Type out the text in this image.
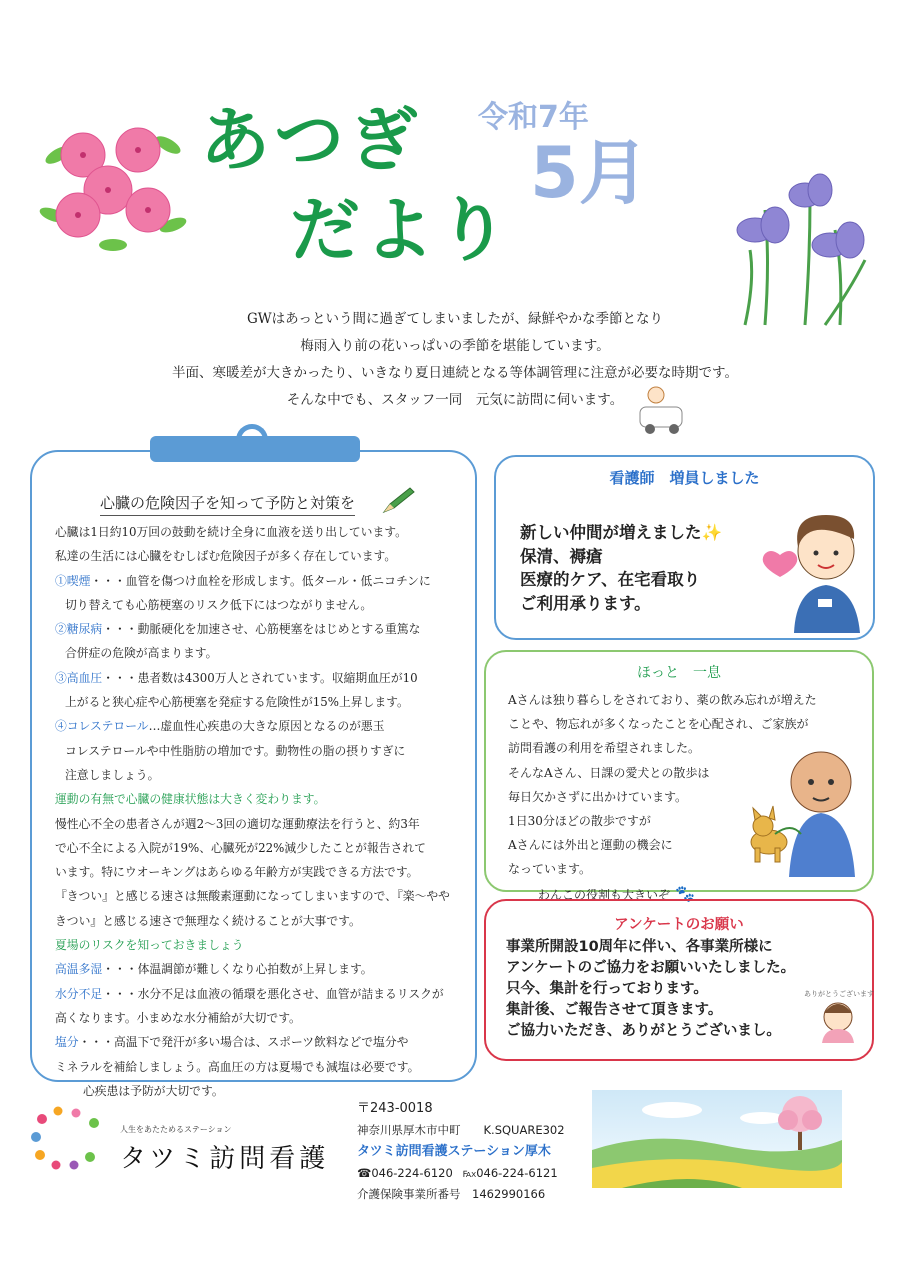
あつぎ
だより
令和7年
5月
GWはあっという間に過ぎてしまいましたが、緑鮮やかな季節となり
梅雨入り前の花いっぱいの季節を堪能しています。
半面、寒暖差が大きかったり、いきなり夏日連続となる等体調管理に注意が必要な時期です。
そんな中でも、スタッフ一同　元気に訪問に伺います。
心臓の危険因子を知って予防と対策を
心臓は1日約10万回の鼓動を続け全身に血液を送り出しています。
私達の生活には心臓をむしばむ危険因子が多く存在しています。
①喫煙・・・血管を傷つけ血栓を形成します。低タール・低ニコチンに
切り替えても心筋梗塞のリスク低下にはつながりません。
②糖尿病・・・動脈硬化を加速させ、心筋梗塞をはじめとする重篤な
合併症の危険が高まります。
③高血圧・・・患者数は4300万人とされています。収縮期血圧が10
上がると狭心症や心筋梗塞を発症する危険性が15%上昇します。
④コレステロール…虚血性心疾患の大きな原因となるのが悪玉
コレステロールや中性脂肪の増加です。動物性の脂の摂りすぎに
注意しましょう。
運動の有無で心臓の健康状態は大きく変わります。
慢性心不全の患者さんが週2～3回の適切な運動療法を行うと、約3年
で心不全による入院が19%、心臓死が22%減少したことが報告されて
います。特にウオーキングはあらゆる年齢方が実践できる方法です。
『きつい』と感じる速さは無酸素運動になってしまいますので、『楽～やや
きつい』と感じる速さで無理なく続けることが大事です。
夏場のリスクを知っておきましょう
高温多湿・・・体温調節が難しくなり心拍数が上昇します。
水分不足・・・水分不足は血液の循環を悪化させ、血管が詰まるリスクが
高くなります。小まめな水分補給が大切です。
塩分・・・高温下で発汗が多い場合は、スポーツ飲料などで塩分や
ミネラルを補給しましょう。高血圧の方は夏場でも減塩は必要です。
心疾患は予防が大切です。
看護師　増員しました
新しい仲間が増えました✨
保清、褥瘡
医療的ケア、在宅看取り
ご利用承ります。
ほっと　一息
Aさんは独り暮らしをされており、薬の飲み忘れが増えた
ことや、物忘れが多くなったことを心配され、ご家族が
訪問看護の利用を希望されました。
そんなAさん、日課の愛犬との散歩は
毎日欠かさずに出かけています。
1日30分ほどの散歩ですが
Aさんには外出と運動の機会に
なっています。
わんこの役割も大きいぞ 🐾
アンケートのお願い
事業所開設10周年に伴い、各事業所様に
アンケートのご協力をお願いいたしました。
只今、集計を行っております。
集計後、ご報告させて頂きます。
ご協力いただき、ありがとうございまし。
ありがとうございます
人生をあたためるステーション
タツミ訪問看護
〒243-0018
神奈川県厚木市中町　　K.SQUARE302
タツミ訪問看護ステーション厚木
☎046-224-6120 ℻046-224-6121
介護保険事業所番号　1462990166
